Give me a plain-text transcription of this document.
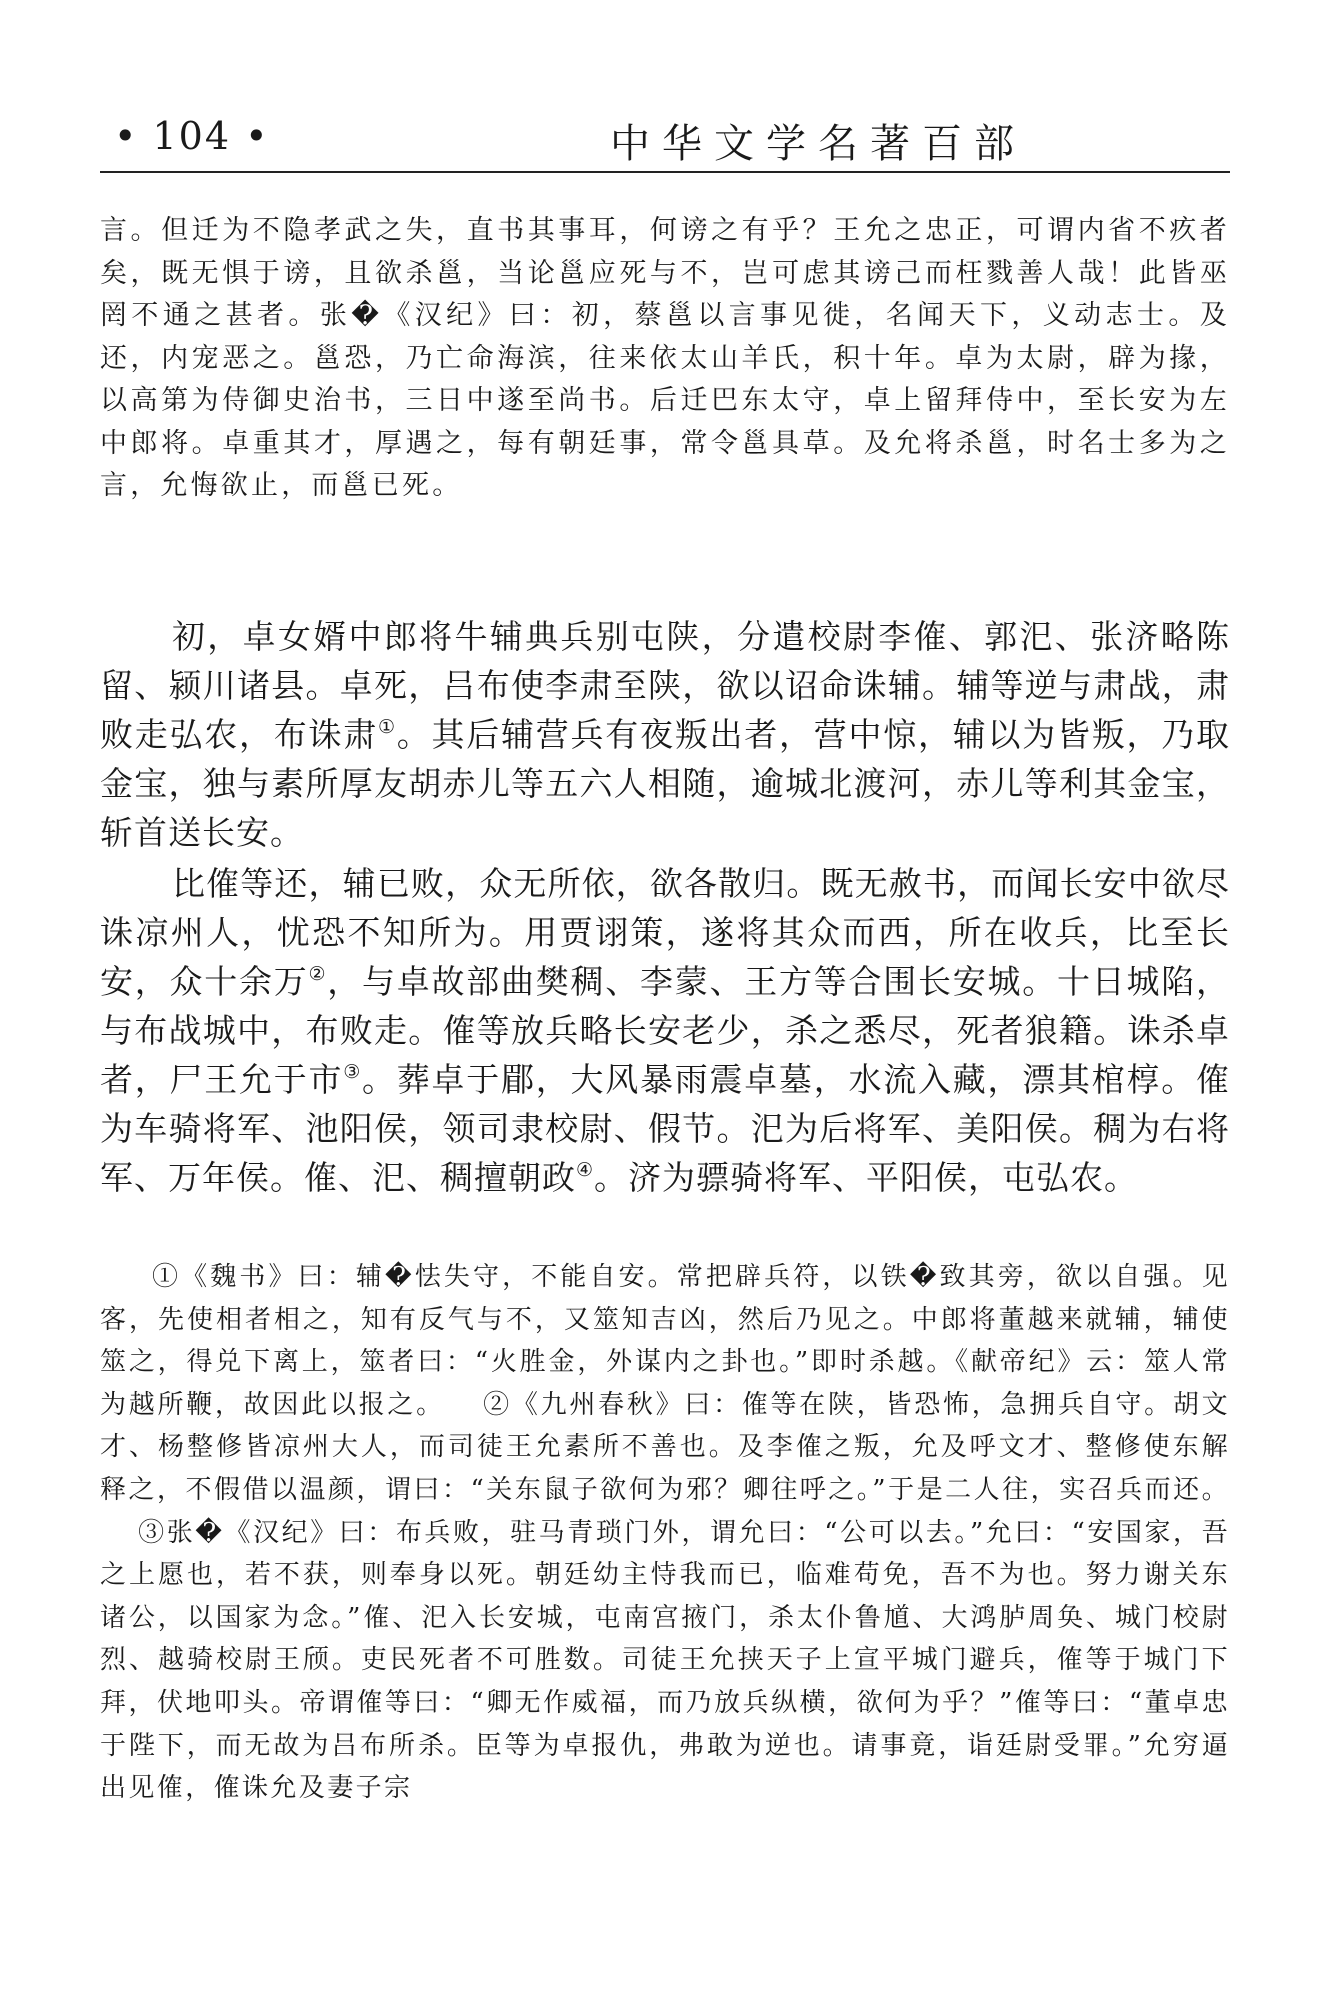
• 104 •	中华文学名著百部

言。但迁为不隐孝武之失，直书其事耳，何谤之有乎？王允之忠正，可谓内省不疚者矣，既无惧于谤，且欲杀邕，当论邕应死与不，岂可虑其谤己而枉戮善人哉！此皆巫罔不通之甚者。张�《汉纪》曰：初，蔡邕以言事见徙，名闻天下，义动志士。及还，内宠恶之。邕恐，乃亡命海滨，往来依太山羊氏，积十年。卓为太尉，辟为掾，以高第为侍御史治书，三日中遂至尚书。后迁巴东太守，卓上留拜侍中，至长安为左中郎将。卓重其才，厚遇之，每有朝廷事，常令邕具草。及允将杀邕，时名士多为之言，允悔欲止，而邕已死。

初，卓女婿中郎将牛辅典兵别屯陕，分遣校尉李傕、郭汜、张济略陈留、颍川诸县。卓死，吕布使李肃至陕，欲以诏命诛辅。辅等逆与肃战，肃败走弘农，布诛肃①。其后辅营兵有夜叛出者，营中惊，辅以为皆叛，乃取金宝，独与素所厚友胡赤儿等五六人相随，逾城北渡河，赤儿等利其金宝，斩首送长安。

比傕等还，辅已败，众无所依，欲各散归。既无赦书，而闻长安中欲尽诛凉州人，忧恐不知所为。用贾诩策，遂将其众而西，所在收兵，比至长安，众十余万②，与卓故部曲樊稠、李蒙、王方等合围长安城。十日城陷，与布战城中，布败走。傕等放兵略长安老少，杀之悉尽，死者狼籍。诛杀卓者，尸王允于市③。葬卓于郿，大风暴雨震卓墓，水流入藏，漂其棺椁。傕为车骑将军、池阳侯，领司隶校尉、假节。汜为后将军、美阳侯。稠为右将军、万年侯。傕、汜、稠擅朝政④。济为骠骑将军、平阳侯，屯弘农。

①《魏书》曰：辅�怯失守，不能自安。常把辟兵符，以铁�致其旁，欲以自强。见客，先使相者相之，知有反气与不，又筮知吉凶，然后乃见之。中郎将董越来就辅，辅使筮之，得兑下离上，筮者曰：“火胜金，外谋内之卦也。”即时杀越。《献帝纪》云：筮人常为越所鞭，故因此以报之。 ②《九州春秋》曰：傕等在陕，皆恐怖，急拥兵自守。胡文才、杨整修皆凉州大人，而司徒王允素所不善也。及李傕之叛，允及呼文才、整修使东解释之，不假借以温颜，谓曰：“关东鼠子欲何为邪？卿往呼之。”于是二人往，实召兵而还。③张�《汉纪》曰：布兵败，驻马青琐门外，谓允曰：“公可以去。”允曰：“安国家，吾之上愿也，若不获，则奉身以死。朝廷幼主恃我而已，临难苟免，吾不为也。努力谢关东诸公，以国家为念。”傕、汜入长安城，屯南宫掖门，杀太仆鲁馗、大鸿胪周奂、城门校尉烈、越骑校尉王颀。吏民死者不可胜数。司徒王允挟天子上宣平城门避兵，傕等于城门下拜，伏地叩头。帝谓傕等曰：“卿无作威福，而乃放兵纵横，欲何为乎？”傕等曰：“董卓忠于陛下，而无故为吕布所杀。臣等为卓报仇，弗敢为逆也。请事竟，诣廷尉受罪。”允穷逼出见傕，傕诛允及妻子宗
